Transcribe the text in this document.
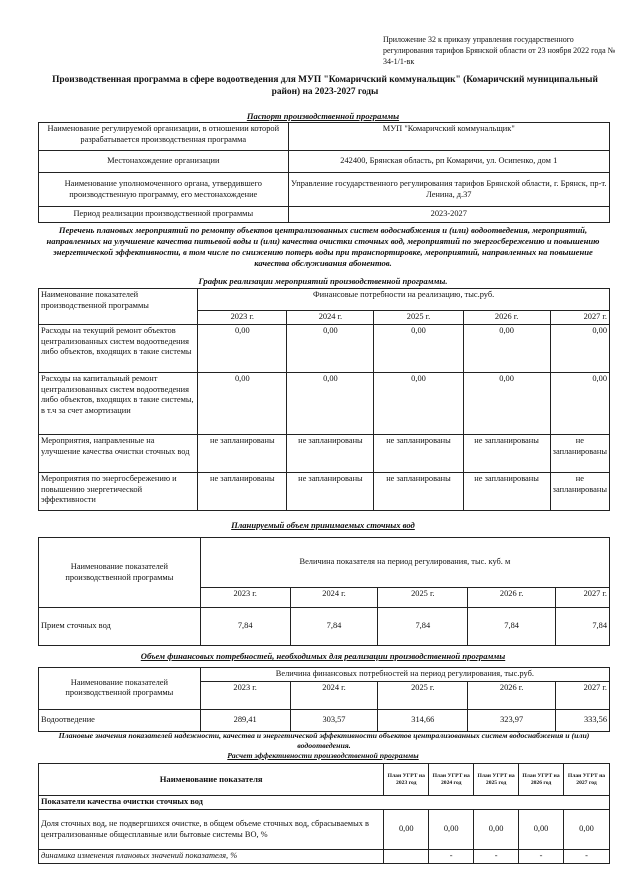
Приложение 32 к приказу управления государственного регулирования тарифов Брянской области от 23 ноября 2022 года № 34-1/1-вк
Производственная программа в сфере водоотведения для МУП "Комаричский коммунальщик" (Комаричский муниципальный район) на 2023-2027 годы
Паспорт производственной программы
Наименование регулируемой организации, в отношении которой разрабатывается производственная программа	МУП "Комаричский коммунальщик"
Местонахождение организации	242400, Брянская область, рп Комаричи, ул. Осипенко, дом 1
Наименование уполномоченного органа, утвердившего производственную программу, его местонахождение	Управление государственного регулирования тарифов Брянской области, г. Брянск, пр-т. Ленина, д.37
Период реализации производственной программы	2023-2027
Перечень плановых мероприятий по ремонту объектов централизованных систем водоснабжения и (или) водоотведения, мероприятий, направленных на улучшение качества питьевой воды и (или) качества очистки сточных вод, мероприятий по энергосбережению и повышению энергетической эффективности, в том числе по снижению потерь воды при транспортировке, мероприятий, направленных на повышение качества обслуживания абонентов.
График реализации мероприятий производственной программы.
Наименование показателей производственной программы	Финансовые потребности на реализацию, тыс.руб.				
	2023 г.	2024 г.	2025 г.	2026 г.	2027 г.
Расходы на текущий ремонт объектов централизованных систем водоотведения либо объектов, входящих в такие системы	0,00	0,00	0,00	0,00	0,00
Расходы на капитальный ремонт централизованных систем водоотведения либо объектов, входящих в такие системы, в т.ч за счет амортизации	0,00	0,00	0,00	0,00	0,00
Мероприятия, направленные на улучшение качества очистки сточных вод	не запланированы	не запланированы	не запланированы	не запланированы	не запланированы
Мероприятия по энергосбережению и повышению энергетической эффективности	не запланированы	не запланированы	не запланированы	не запланированы	не запланированы
Планируемый объем принимаемых сточных вод
Наименование показателей производственной программы	Величина показателя на период регулирования, тыс. куб. м				
	2023 г.	2024 г.	2025 г.	2026 г.	2027 г.
Прием сточных вод	7,84	7,84	7,84	7,84	7,84
Объем финансовых потребностей, необходимых для реализации производственной программы
Наименование показателей производственной программы	Величина финансовых потребностей на период регулирования, тыс.руб.				
	2023 г.	2024 г.	2025 г.	2026 г.	2027 г.
Водоотведение	289,41	303,57	314,66	323,97	333,56
Плановые значения показателей надежности, качества и энергетической эффективности объектов централизованных систем водоснабжения и (или) водоотведения.
Расчет эффективности производственной программы
Наименование показателя	План УГРТ на 2023 год	План УГРТ на 2024 год	План УГРТ на 2025 год	План УГРТ на 2026 год	План УГРТ на 2027 год
Показатели качества очистки сточных вод					
Доля сточных вод, не подвергшихся очистке, в общем объеме сточных вод, сбрасываемых в централизованные общесплавные или бытовые системы ВО, %	0,00	0,00	0,00	0,00	0,00
динамика изменения плановых значений показателя, %		-	-	-	-
